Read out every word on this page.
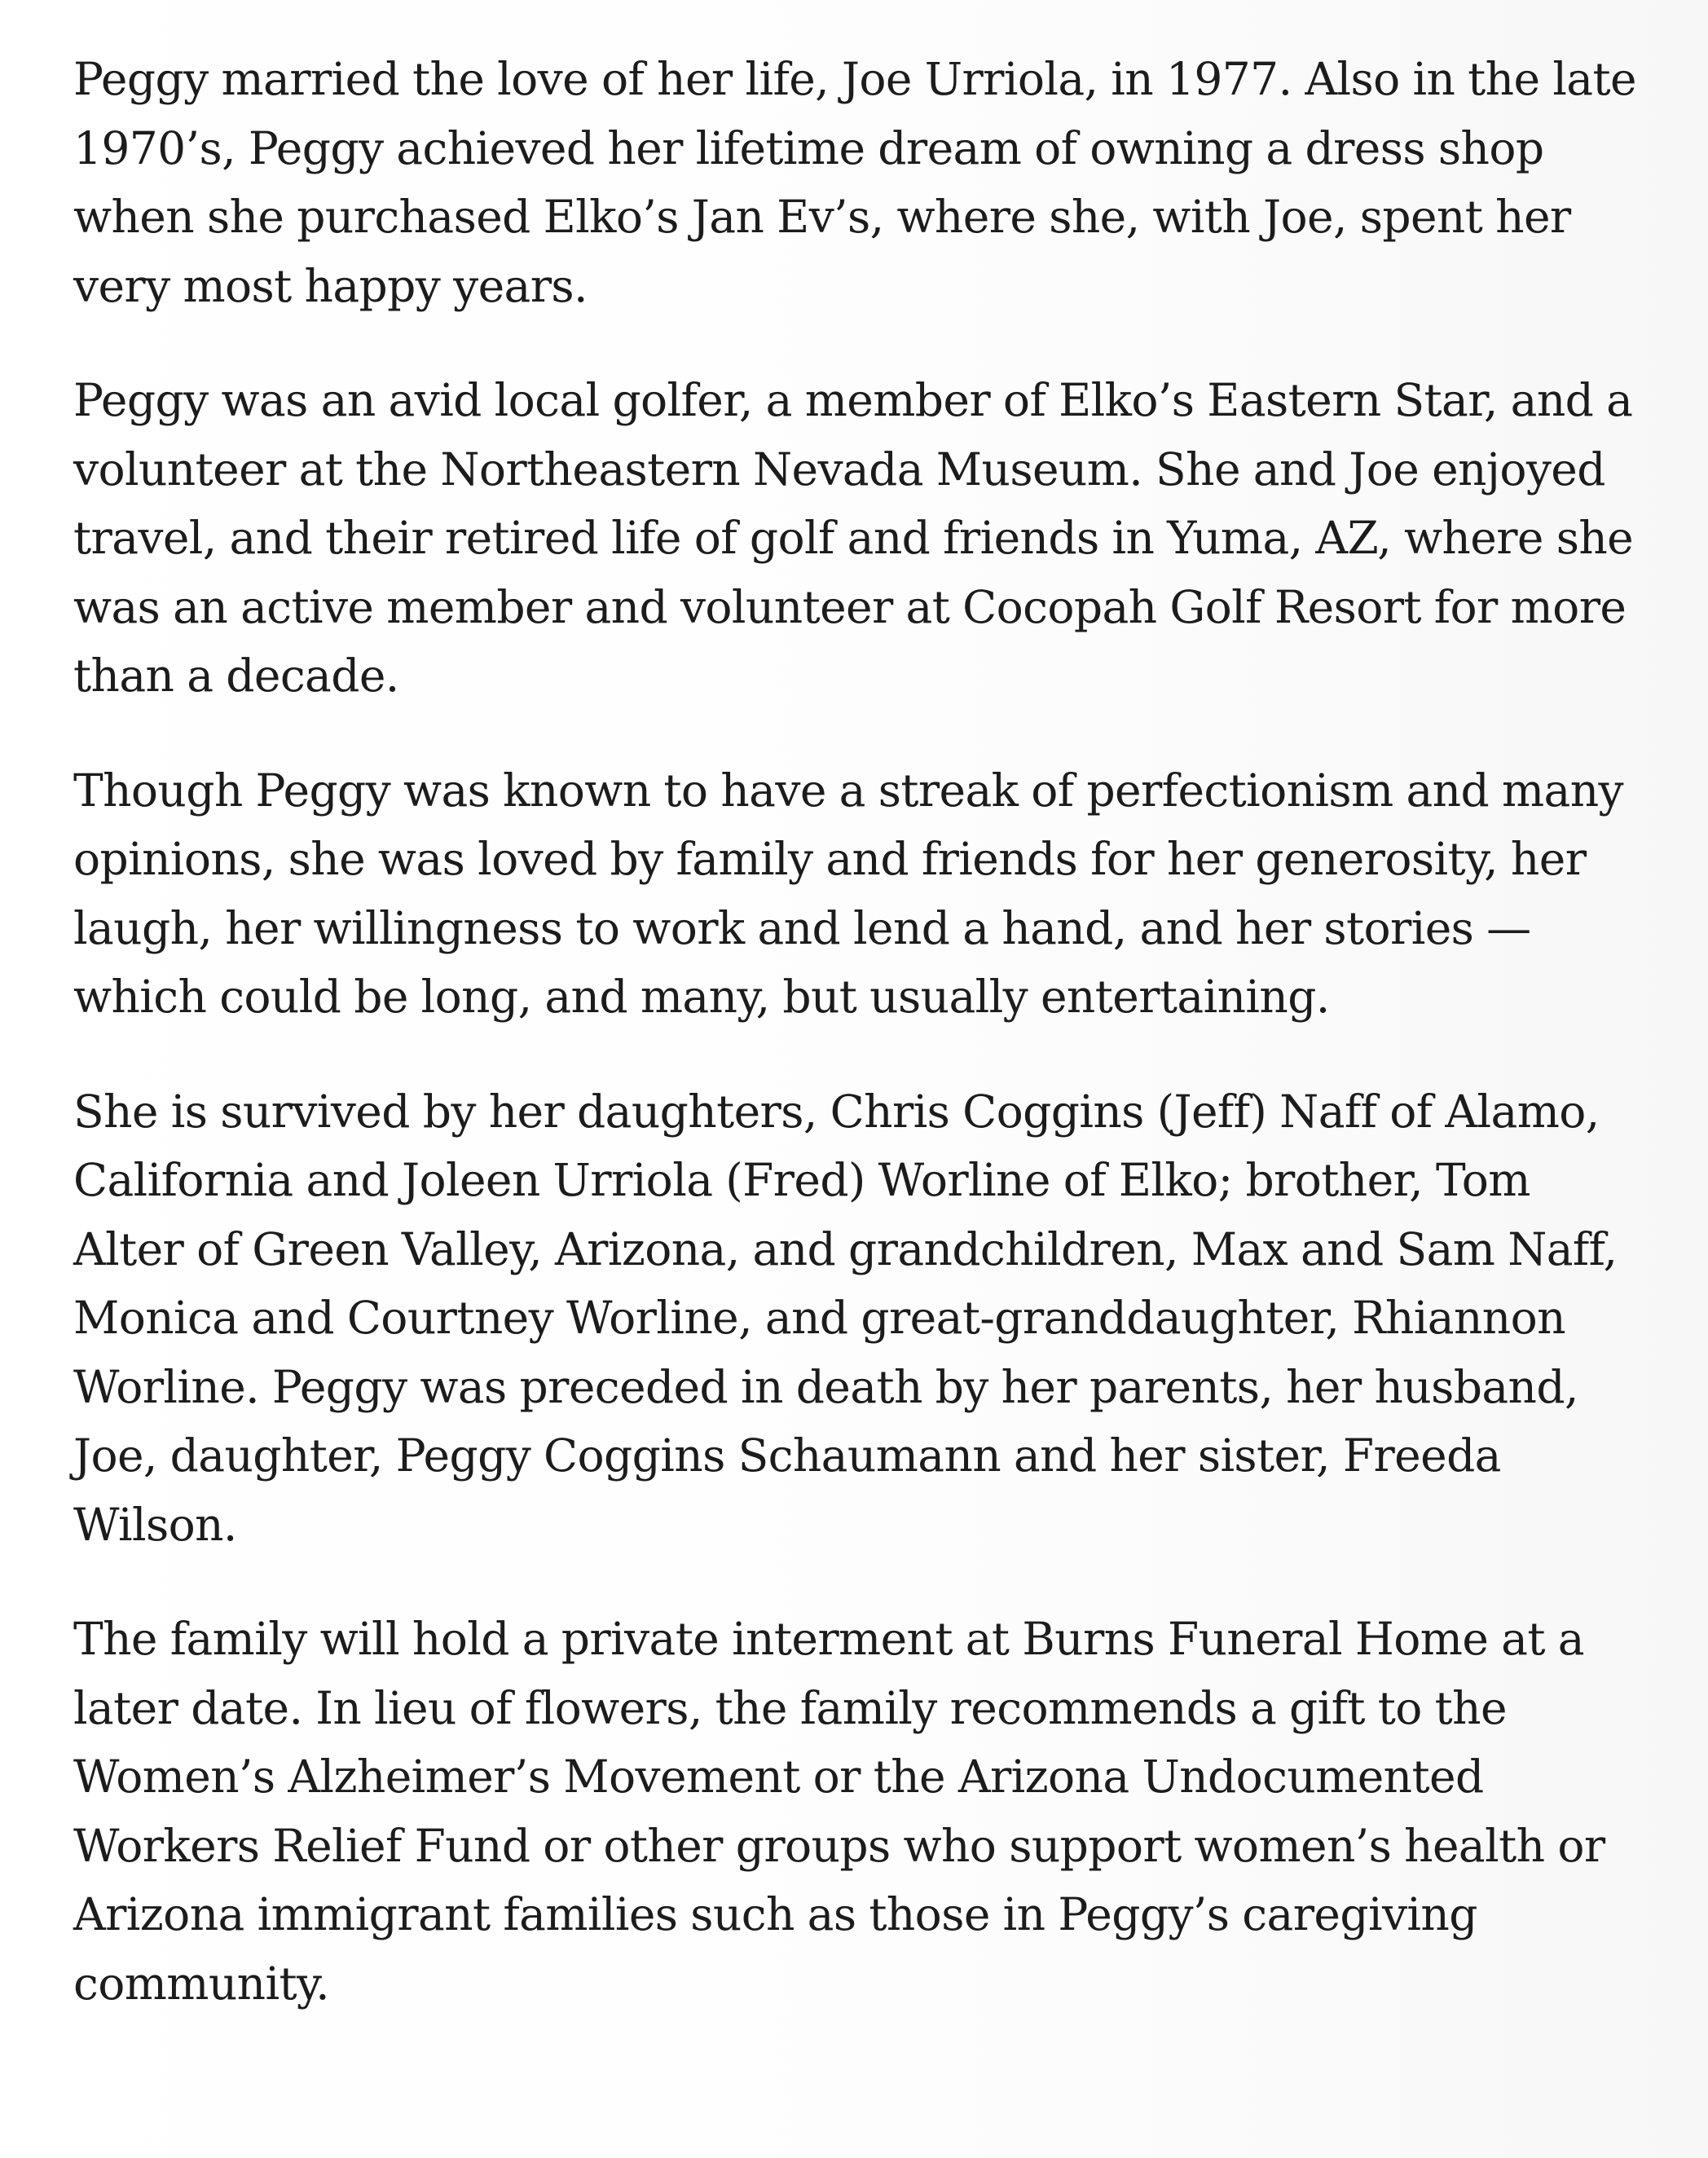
Peggy married the love of her life, Joe Urriola, in 1977. Also in the late
1970’s, Peggy achieved her lifetime dream of owning a dress shop
when she purchased Elko’s Jan Ev’s, where she, with Joe, spent her
very most happy years.

Peggy was an avid local golfer, a member of Elko’s Eastern Star, and a
volunteer at the Northeastern Nevada Museum. She and Joe enjoyed
travel, and their retired life of golf and friends in Yuma, AZ, where she
was an active member and volunteer at Cocopah Golf Resort for more
than a decade.

Though Peggy was known to have a streak of perfectionism and many
opinions, she was loved by family and friends for her generosity, her
laugh, her willingness to work and lend a hand, and her stories —
which could be long, and many, but usually entertaining.

She is survived by her daughters, Chris Coggins (Jeff) Naff of Alamo,
California and Joleen Urriola (Fred) Worline of Elko; brother, Tom
Alter of Green Valley, Arizona, and grandchildren, Max and Sam Naff,
Monica and Courtney Worline, and great-granddaughter, Rhiannon
Worline. Peggy was preceded in death by her parents, her husband,
Joe, daughter, Peggy Coggins Schaumann and her sister, Freeda
Wilson.

The family will hold a private interment at Burns Funeral Home at a
later date. In lieu of flowers, the family recommends a gift to the
Women’s Alzheimer’s Movement or the Arizona Undocumented
Workers Relief Fund or other groups who support women’s health or
Arizona immigrant families such as those in Peggy’s caregiving
community.
